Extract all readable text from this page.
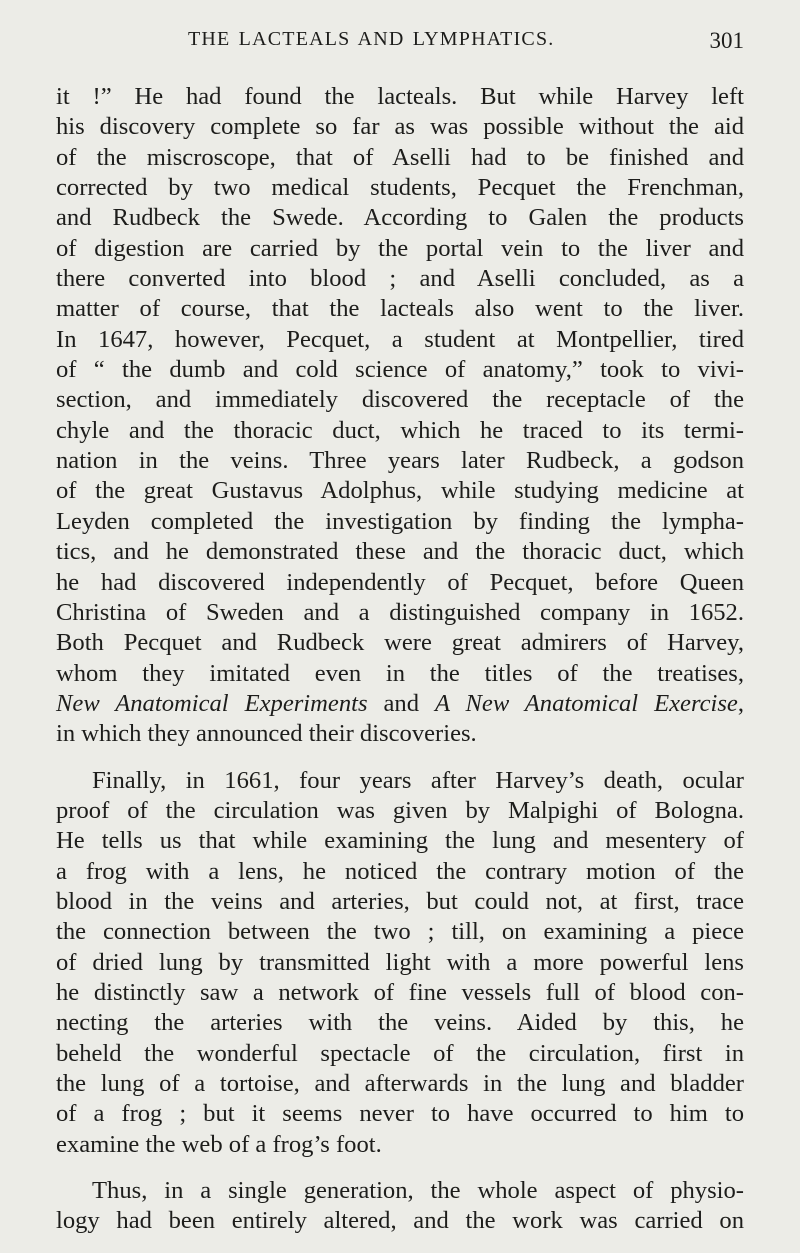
THE LACTEALS AND LYMPHATICS.	301
it !” He had found the lacteals. But while Harvey left
his discovery complete so far as was possible without the aid
of the miscroscope, that of Aselli had to be finished and
corrected by two medical students, Pecquet the Frenchman,
and Rudbeck the Swede. According to Galen the products
of digestion are carried by the portal vein to the liver and
there converted into blood ; and Aselli concluded, as a
matter of course, that the lacteals also went to the liver.
In 1647, however, Pecquet, a student at Montpellier, tired
of “ the dumb and cold science of anatomy,” took to vivi-
section, and immediately discovered the receptacle of the
chyle and the thoracic duct, which he traced to its termi-
nation in the veins. Three years later Rudbeck, a godson
of the great Gustavus Adolphus, while studying medicine at
Leyden completed the investigation by finding the lympha-
tics, and he demonstrated these and the thoracic duct, which
he had discovered independently of Pecquet, before Queen
Christina of Sweden and a distinguished company in 1652.
Both Pecquet and Rudbeck were great admirers of Harvey,
whom they imitated even in the titles of the treatises,
New Anatomical Experiments and A New Anatomical Exercise,
in which they announced their discoveries.
Finally, in 1661, four years after Harvey’s death, ocular
proof of the circulation was given by Malpighi of Bologna.
He tells us that while examining the lung and mesentery of
a frog with a lens, he noticed the contrary motion of the
blood in the veins and arteries, but could not, at first, trace
the connection between the two ; till, on examining a piece
of dried lung by transmitted light with a more powerful lens
he distinctly saw a network of fine vessels full of blood con-
necting the arteries with the veins. Aided by this, he
beheld the wonderful spectacle of the circulation, first in
the lung of a tortoise, and afterwards in the lung and bladder
of a frog ; but it seems never to have occurred to him to
examine the web of a frog’s foot.
Thus, in a single generation, the whole aspect of physio-
logy had been entirely altered, and the work was carried on
